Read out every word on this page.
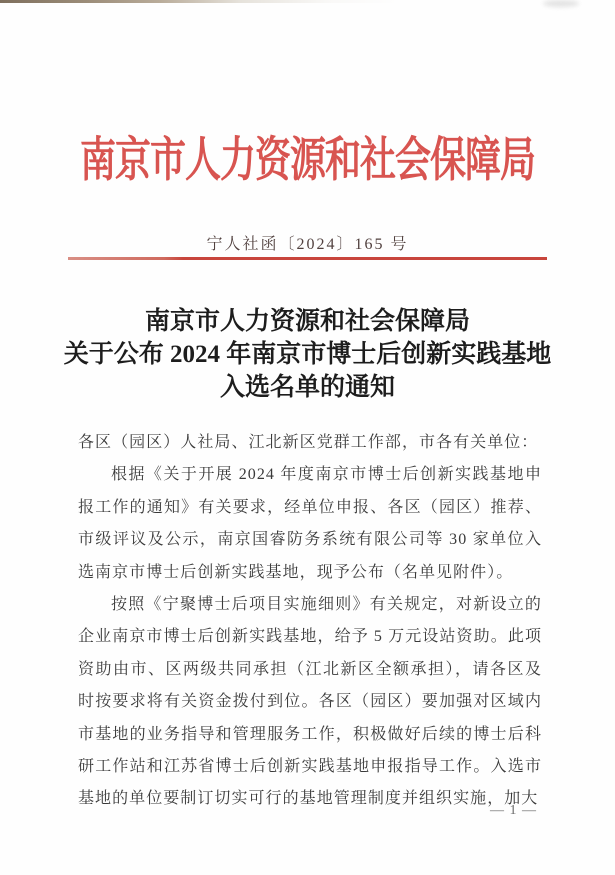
南京市人力资源和社会保障局
宁人社函〔2024〕165 号
南京市人力资源和社会保障局
关于公布 2024 年南京市博士后创新实践基地
入选名单的通知

各区（园区）人社局、江北新区党群工作部，市各有关单位：

根据《关于开展 2024 年度南京市博士后创新实践基地申报工作的通知》有关要求，经单位申报、各区（园区）推荐、市级评议及公示，南京国睿防务系统有限公司等 30 家单位入选南京市博士后创新实践基地，现予公布（名单见附件）。

按照《宁聚博士后项目实施细则》有关规定，对新设立的企业南京市博士后创新实践基地，给予 5 万元设站资助。此项资助由市、区两级共同承担（江北新区全额承担），请各区及时按要求将有关资金拨付到位。各区（园区）要加强对区域内市基地的业务指导和管理服务工作，积极做好后续的博士后科研工作站和江苏省博士后创新实践基地申报指导工作。入选市基地的单位要制订切实可行的基地管理制度并组织实施，加大

— 1 —
